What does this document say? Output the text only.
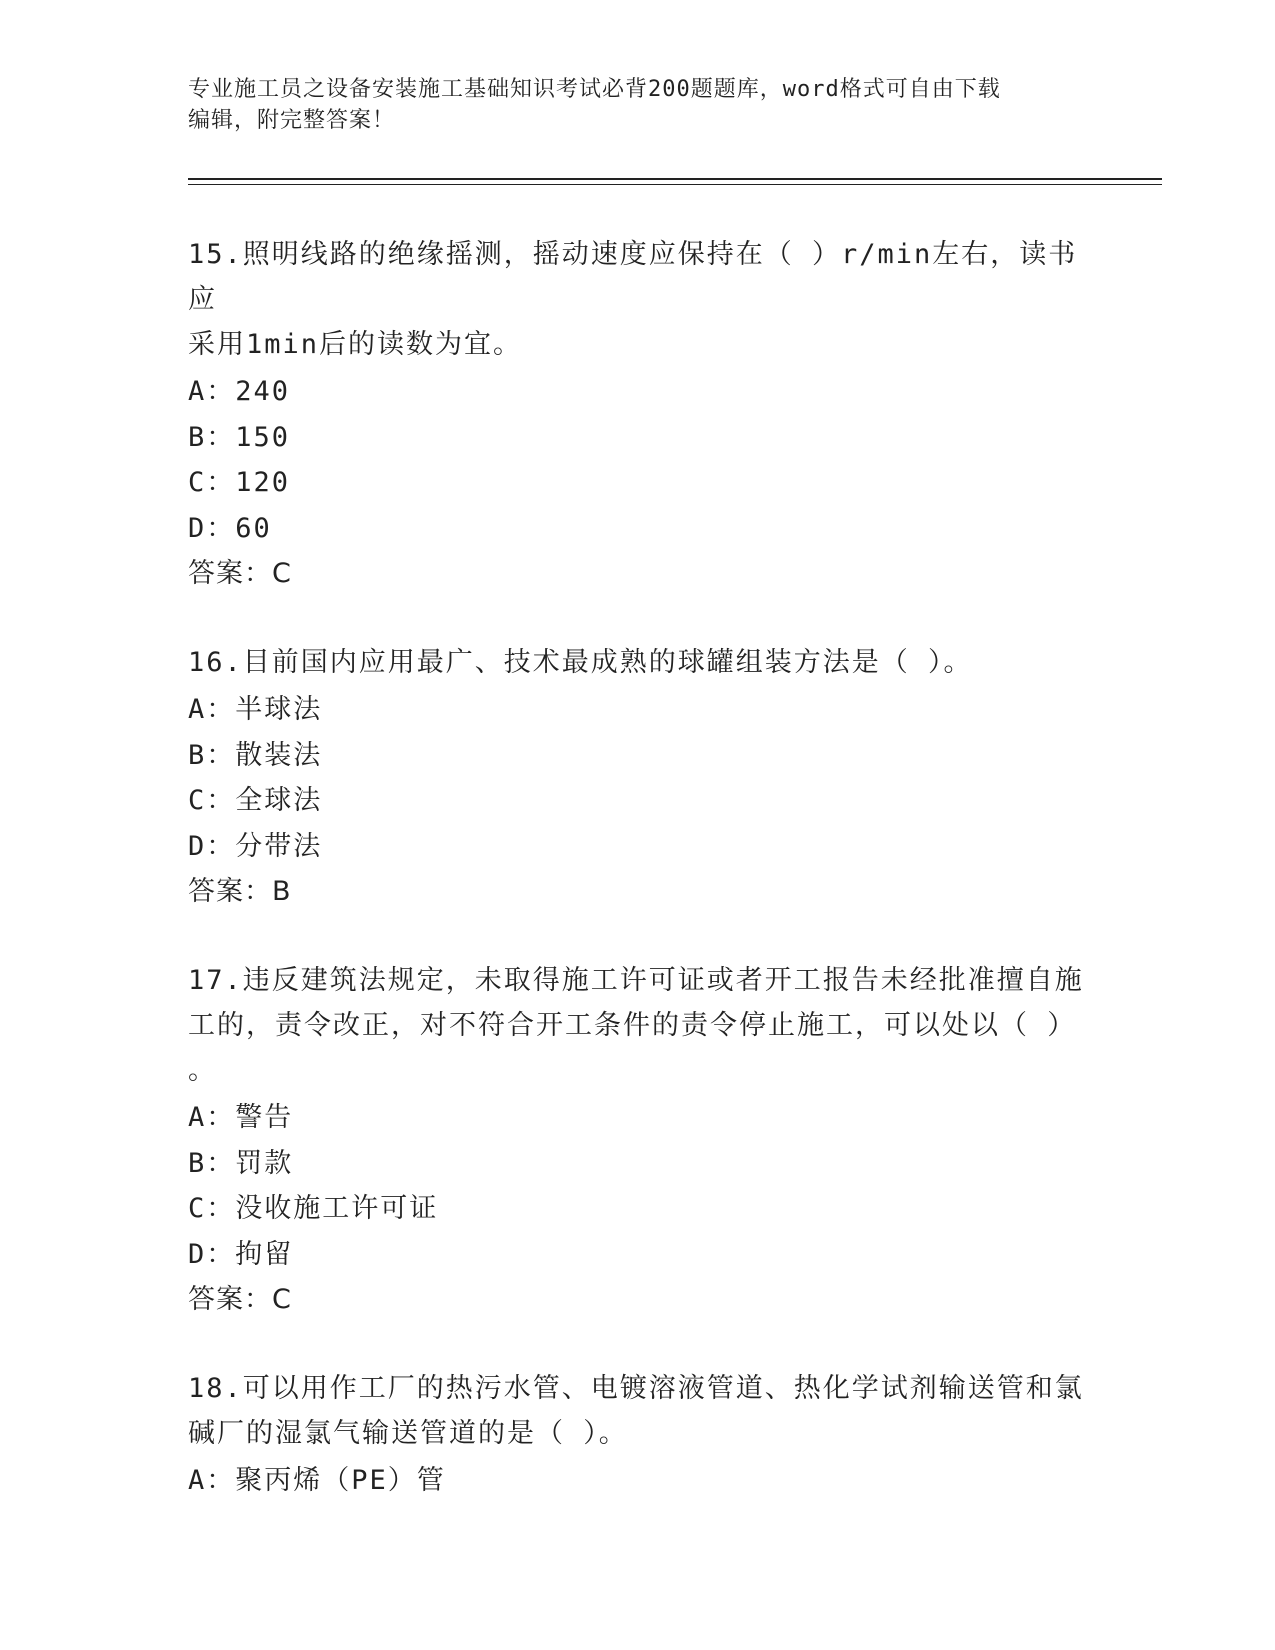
专业施工员之设备安装施工基础知识考试必背200题题库，word格式可自由下载
编辑，附完整答案！
15.照明线路的绝缘摇测，摇动速度应保持在（ ）r/min左右，读书应
采用1min后的读数为宜。
A：240
B：150
C：120
D：60
答案：C
16.目前国内应用最广、技术最成熟的球罐组装方法是（ ）。
A：半球法
B：散装法
C：全球法
D：分带法
答案：B
17.违反建筑法规定，未取得施工许可证或者开工报告未经批准擅自施
工的，责令改正，对不符合开工条件的责令停止施工，可以处以（ ）
。
A：警告
B：罚款
C：没收施工许可证
D：拘留
答案：C
18.可以用作工厂的热污水管、电镀溶液管道、热化学试剂输送管和氯
碱厂的湿氯气输送管道的是（ ）。
A：聚丙烯（PE）管
